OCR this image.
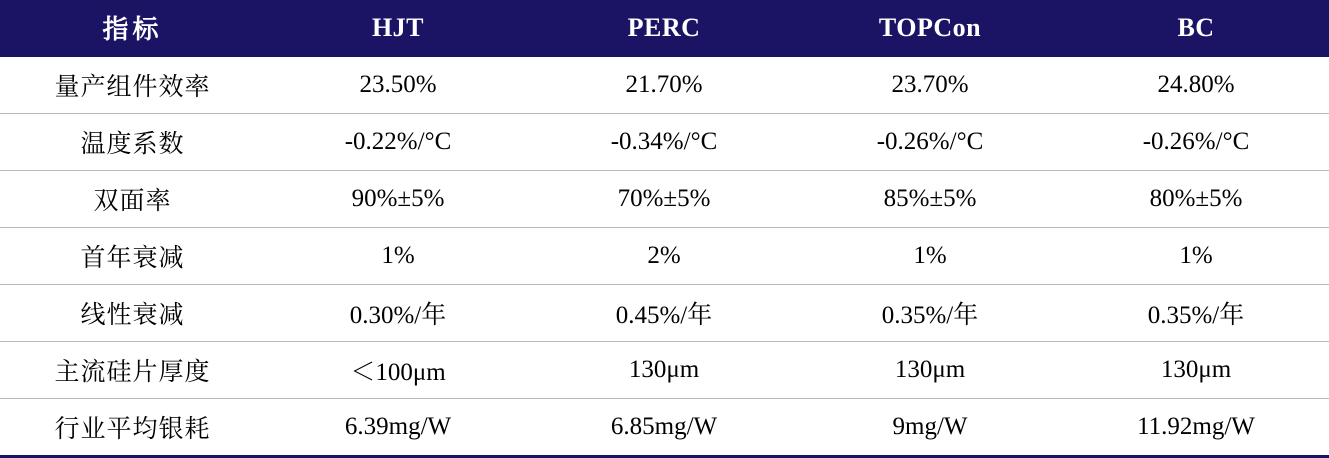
指标	HJT	PERC	TOPCon	BC
量产组件效率	23.50%	21.70%	23.70%	24.80%
温度系数	-0.22%/°C	-0.34%/°C	-0.26%/°C	-0.26%/°C
双面率	90%±5%	70%±5%	85%±5%	80%±5%
首年衰减	1%	2%	1%	1%
线性衰减	0.30%/年	0.45%/年	0.35%/年	0.35%/年
主流硅片厚度	＜100μm	130μm	130μm	130μm
行业平均银耗	6.39mg/W	6.85mg/W	9mg/W	11.92mg/W
